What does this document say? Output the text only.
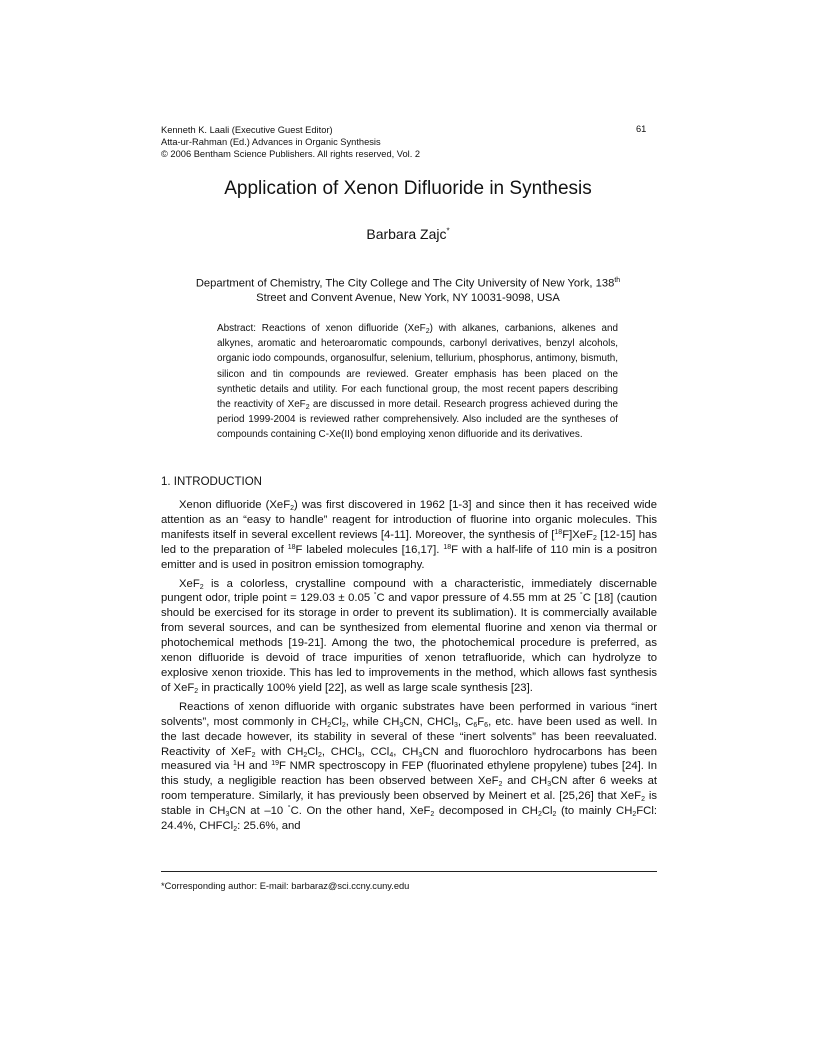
Kenneth K. Laali (Executive Guest Editor)
Atta-ur-Rahman (Ed.) Advances in Organic Synthesis
© 2006 Bentham Science Publishers. All rights reserved, Vol. 2
61
Application of Xenon Difluoride in Synthesis
Barbara Zajc*
Department of Chemistry, The City College and The City University of New York, 138th
Street and Convent Avenue, New York, NY 10031-9098, USA
Abstract: Reactions of xenon difluoride (XeF$_2$) with alkanes, carbanions, alkenes and alkynes, aromatic and heteroaromatic compounds, carbonyl derivatives, benzyl alcohols, organic iodo compounds, organosulfur, selenium, tellurium, phosphorus, antimony, bismuth, silicon and tin compounds are reviewed. Greater emphasis has been placed on the synthetic details and utility. For each functional group, the most recent papers describing the reactivity of XeF$_2$ are discussed in more detail. Research progress achieved during the period 1999-2004 is reviewed rather comprehensively. Also included are the syntheses of compounds containing C-Xe(II) bond employing xenon difluoride and its derivatives.
1. INTRODUCTION

Xenon difluoride (XeF$_2$) was first discovered in 1962 [1-3] and since then it has received wide attention as an “easy to handle” reagent for introduction of fluorine into organic molecules. This manifests itself in several excellent reviews [4-11]. Moreover, the synthesis of [$^{18}$F]XeF$_2$ [12-15] has led to the preparation of $^{18}$F labeled molecules [16,17]. $^{18}$F with a half-life of 110 min is a positron emitter and is used in positron emission tomography.

XeF$_2$ is a colorless, crystalline compound with a characteristic, immediately discernable pungent odor, triple point = 129.03 ± 0.05 °C and vapor pressure of 4.55 mm at 25 °C [18] (caution should be exercised for its storage in order to prevent its sublimation). It is commercially available from several sources, and can be synthesized from elemental fluorine and xenon via thermal or photochemical methods [19-21]. Among the two, the photochemical procedure is preferred, as xenon difluoride is devoid of trace impurities of xenon tetrafluoride, which can hydrolyze to explosive xenon trioxide. This has led to improvements in the method, which allows fast synthesis of XeF$_2$ in practically 100% yield [22], as well as large scale synthesis [23].

Reactions of xenon difluoride with organic substrates have been performed in various “inert solvents”, most commonly in $CH_2Cl_2$, while $CH_3CN$, CHCl$_3$, $C_6F_6$, etc. have been used as well. In the last decade however, its stability in several of these “inert solvents” has been reevaluated. Reactivity of XeF$_2$ with $CH_2Cl_2$, CHCl$_3$, CCl$_4$, $CH_3CN$ and fluorochloro hydrocarbons has been measured via $^1$H and $^{19}$F NMR spectroscopy in FEP (fluorinated ethylene propylene) tubes [24]. In this study, a negligible reaction has been observed between XeF$_2$ and $CH_3CN$ after 6 weeks at room temperature. Similarly, it has previously been observed by Meinert et al. [25,26] that XeF$_2$ is stable in $CH_3CN$ at –10 °C. On the other hand, XeF$_2$ decomposed in $CH_2Cl_2$ (to mainly $CH_2FCl$: 24.4%, CHFCl$_2$: 25.6%, and

*Corresponding author: E-mail: barbaraz@sci.ccny.cuny.edu
